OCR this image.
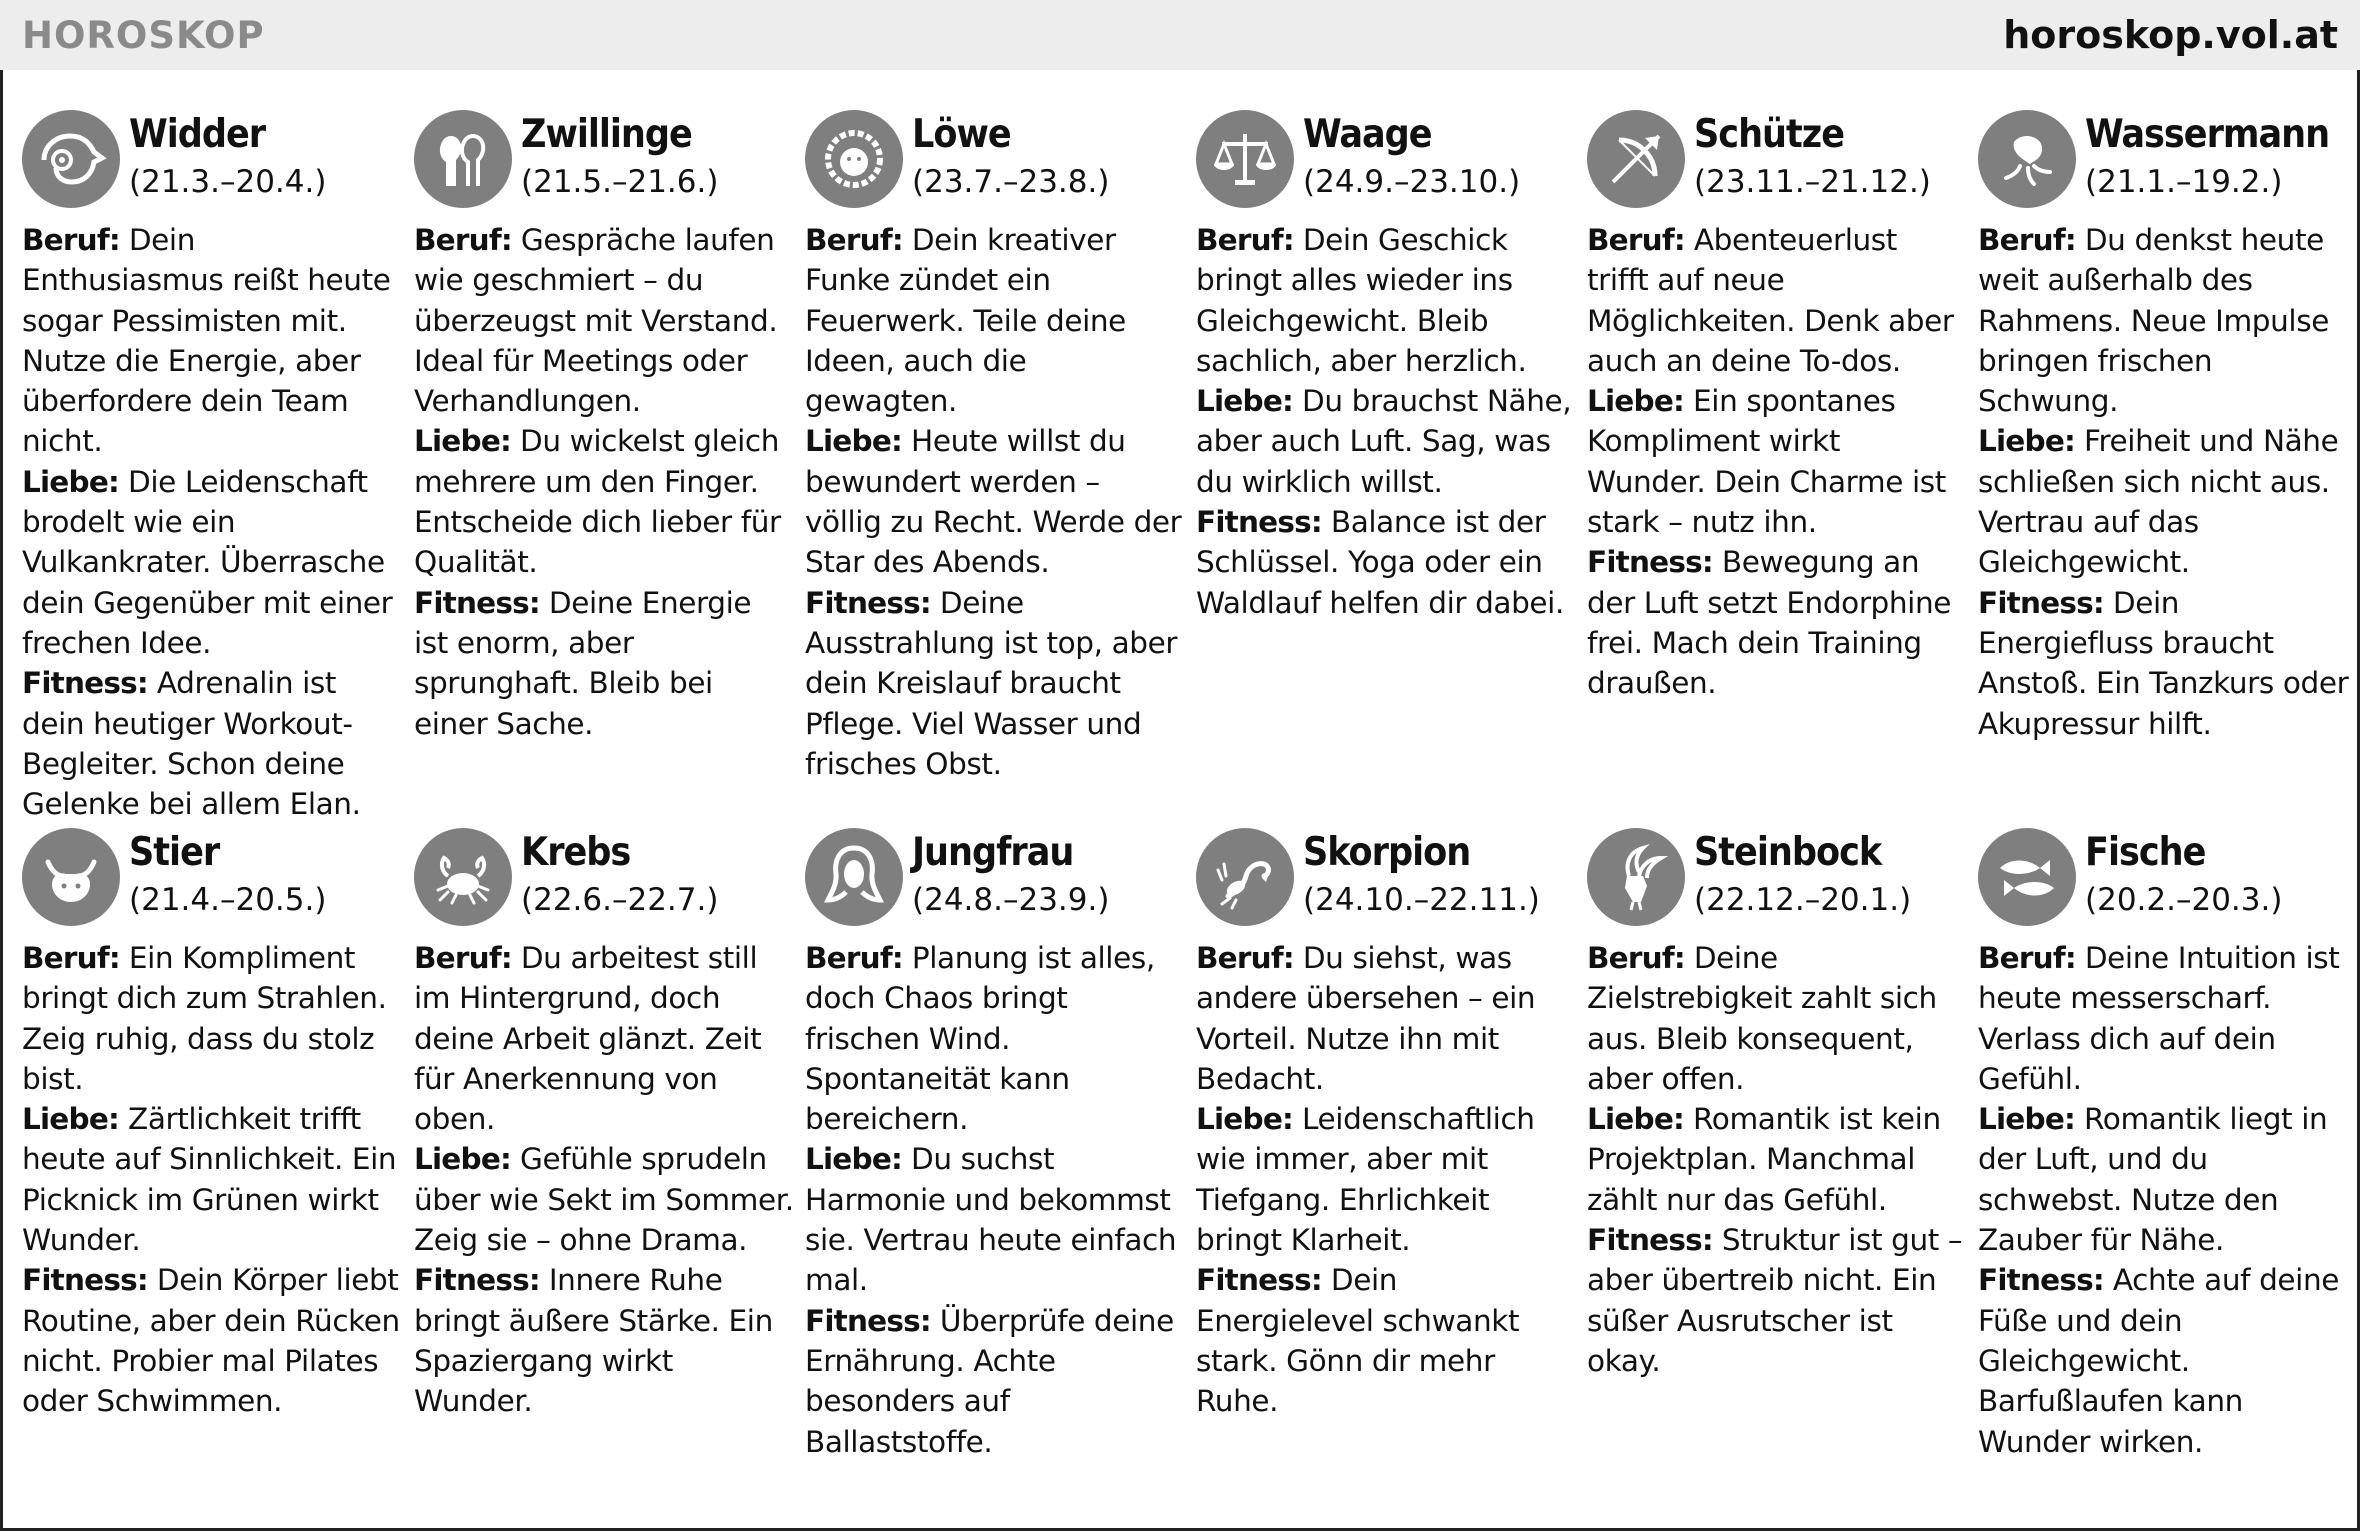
HOROSKOP	horoskop.vol.at
Widder
(21.3.–20.4.)

Beruf: Dein Enthusiasmus reißt heute sogar Pessimisten mit. Nutze die Energie, aber überfordere dein Team nicht.

Liebe: Die Leidenschaft brodelt wie ein Vulkankrater. Überrasche dein Gegenüber mit einer frechen Idee.

Fitness: Adrenalin ist dein heutiger Workout-Begleiter. Schon deine Gelenke bei allem Elan.

Zwillinge
(21.5.–21.6.)

Beruf: Gespräche laufen wie geschmiert – du überzeugst mit Verstand. Ideal für Meetings oder Verhandlungen.

Liebe: Du wickelst gleich mehrere um den Finger. Entscheide dich lieber für Qualität.

Fitness: Deine Energie ist enorm, aber sprunghaft. Bleib bei einer Sache.

Löwe
(23.7.–23.8.)

Beruf: Dein kreativer Funke zündet ein Feuerwerk. Teile deine Ideen, auch die gewagten.

Liebe: Heute willst du bewundert werden – völlig zu Recht. Werde der Star des Abends.

Fitness: Deine Ausstrahlung ist top, aber dein Kreislauf braucht Pflege. Viel Wasser und frisches Obst.

Waage
(24.9.–23.10.)

Beruf: Dein Geschick bringt alles wieder ins Gleichgewicht. Bleib sachlich, aber herzlich.

Liebe: Du brauchst Nähe, aber auch Luft. Sag, was du wirklich willst.

Fitness: Balance ist der Schlüssel. Yoga oder ein Waldlauf helfen dir dabei.

Schütze
(23.11.–21.12.)

Beruf: Abenteuerlust trifft auf neue Möglichkeiten. Denk aber auch an deine To-dos.

Liebe: Ein spontanes Kompliment wirkt Wunder. Dein Charme ist stark – nutz ihn.

Fitness: Bewegung an der Luft setzt Endorphine frei. Mach dein Training draußen.

Wassermann
(21.1.–19.2.)

Beruf: Du denkst heute weit außerhalb des Rahmens. Neue Impulse bringen frischen Schwung.

Liebe: Freiheit und Nähe schließen sich nicht aus. Vertrau auf das Gleichgewicht.

Fitness: Dein Energiefluss braucht Anstoß. Ein Tanzkurs oder Akupressur hilft.

Stier
(21.4.–20.5.)

Beruf: Ein Kompliment bringt dich zum Strahlen. Zeig ruhig, dass du stolz bist.

Liebe: Zärtlichkeit trifft heute auf Sinnlichkeit. Ein Picknick im Grünen wirkt Wunder.

Fitness: Dein Körper liebt Routine, aber dein Rücken nicht. Probier mal Pilates oder Schwimmen.

Krebs
(22.6.–22.7.)

Beruf: Du arbeitest still im Hintergrund, doch deine Arbeit glänzt. Zeit für Anerkennung von oben.

Liebe: Gefühle sprudeln über wie Sekt im Sommer. Zeig sie – ohne Drama.

Fitness: Innere Ruhe bringt äußere Stärke. Ein Spaziergang wirkt Wunder.

Jungfrau
(24.8.–23.9.)

Beruf: Planung ist alles, doch Chaos bringt frischen Wind. Spontaneität kann bereichern.

Liebe: Du suchst Harmonie und bekommst sie. Vertrau heute einfach mal.

Fitness: Überprüfe deine Ernährung. Achte besonders auf Ballaststoffe.

Skorpion
(24.10.–22.11.)

Beruf: Du siehst, was andere übersehen – ein Vorteil. Nutze ihn mit Bedacht.

Liebe: Leidenschaftlich wie immer, aber mit Tiefgang. Ehrlichkeit bringt Klarheit.

Fitness: Dein Energielevel schwankt stark. Gönn dir mehr Ruhe.

Steinbock
(22.12.–20.1.)

Beruf: Deine Zielstrebigkeit zahlt sich aus. Bleib konsequent, aber offen.

Liebe: Romantik ist kein Projektplan. Manchmal zählt nur das Gefühl.

Fitness: Struktur ist gut – aber übertreib nicht. Ein süßer Ausrutscher ist okay.

Fische
(20.2.–20.3.)

Beruf: Deine Intuition ist heute messerscharf. Verlass dich auf dein Gefühl.

Liebe: Romantik liegt in der Luft, und du schwebst. Nutze den Zauber für Nähe.

Fitness: Achte auf deine Füße und dein Gleichgewicht. Barfußlaufen kann Wunder wirken.
